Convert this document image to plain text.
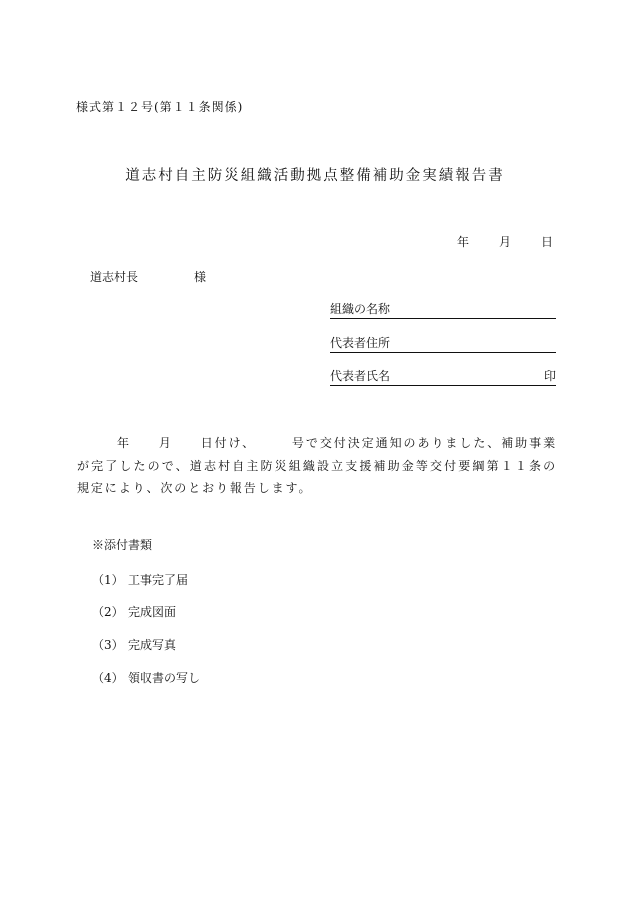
様式第１２号(第１１条関係)
道志村自主防災組織活動拠点整備補助金実績報告書
年	月	日
道志村長	様
組織の名称
代表者住所
代表者氏名	印
年　　月　　日付け、　　　号で交付決定通知のありました、補助事業が完了したので、道志村自主防災組織設立支援補助金等交付要綱第１１条の規定により、次のとおり報告します。
※添付書類
（1） 工事完了届
（2） 完成図面
（3） 完成写真
（4） 領収書の写し
